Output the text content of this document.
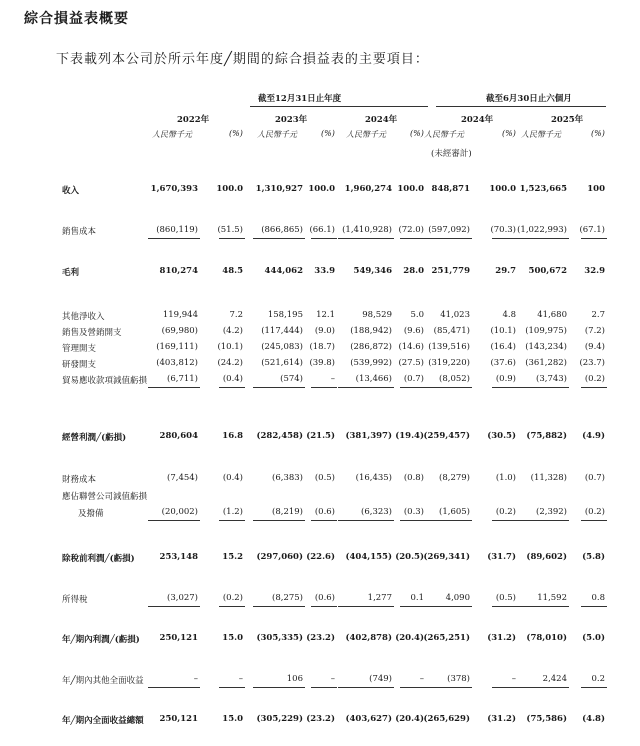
綜合損益表概要
下表載列本公司於所示年度╱期間的綜合損益表的主要項目：
截至12月31日止年度	截至6月30日止六個月
2022年	2023年	2024年	2024年	2025年
人民幣千元	(%) 人民幣千元	(%) 人民幣千元	(%) 人民幣千元	(%) 人民幣千元	(%)
(未經審計)
收入	1,670,393	100.0	1,310,927 100.0	1,960,274 100.0 848,871	100.0 1,523,665	100
銷售成本	(860,119)	(51.5)	(866,865) (66.1) (1,410,928) (72.0) (597,092)	(70.3) (1,022,993)	(67.1)
毛利	810,274	48.5	444,062	33.9	549,346	28.0 251,779	29.7	500,672	32.9
其他淨收入	119,944	7.2	158,195	12.1	98,529	5.0	41,023	4.8	41,680	2.7
銷售及營銷開支	(69,980)	(4.2)	(117,444)	(9.0)	(188,942)	(9.6)	(85,471)	(10.1)	(109,975)	(7.2)
管理開支	(169,111)	(10.1)	(245,083) (18.7)	(286,872) (14.6) (139,516)	(16.4)	(143,234)	(9.4)
研發開支	(403,812)	(24.2)	(521,614) (39.8)	(539,992) (27.5) (319,220)	(37.6)	(361,282)	(23.7)
貿易應收款項減值虧損	(6,711)	(0.4)	(574)	–	(13,466)	(0.7)	(8,052)	(0.9)	(3,743)	(0.2)
經營利潤╱(虧損)	280,604	16.8	(282,458) (21.5)	(381,397) (19.4) (259,457) (30.5)	(75,882)	(4.9)
財務成本	(7,454)	(0.4)	(6,383)	(0.5)	(16,435)	(0.8)	(8,279)	(1.0)	(11,328)	(0.7)
應佔聯營公司減值虧損
及撥備	(20,002)	(1.2)	(8,219)	(0.6)	(6,323)	(0.3)	(1,605)	(0.2)	(2,392)	(0.2)
除稅前利潤╱(虧損)	253,148	15.2	(297,060) (22.6)	(404,155) (20.5) (269,341) (31.7)	(89,602)	(5.8)
所得稅	(3,027)	(0.2)	(8,275)	(0.6)	1,277	0.1	4,090	(0.5)	11,592	0.8
年╱期內利潤╱(虧損)	250,121	15.0	(305,335) (23.2)	(402,878) (20.4) (265,251) (31.2)	(78,010)	(5.0)
年╱期內其他全面收益	–	–	106	–	(749)	–	(378)	–	2,424	0.2
年╱期內全面收益總額	250,121	15.0	(305,229) (23.2)	(403,627) (20.4) (265,629) (31.2)	(75,586)	(4.8)
